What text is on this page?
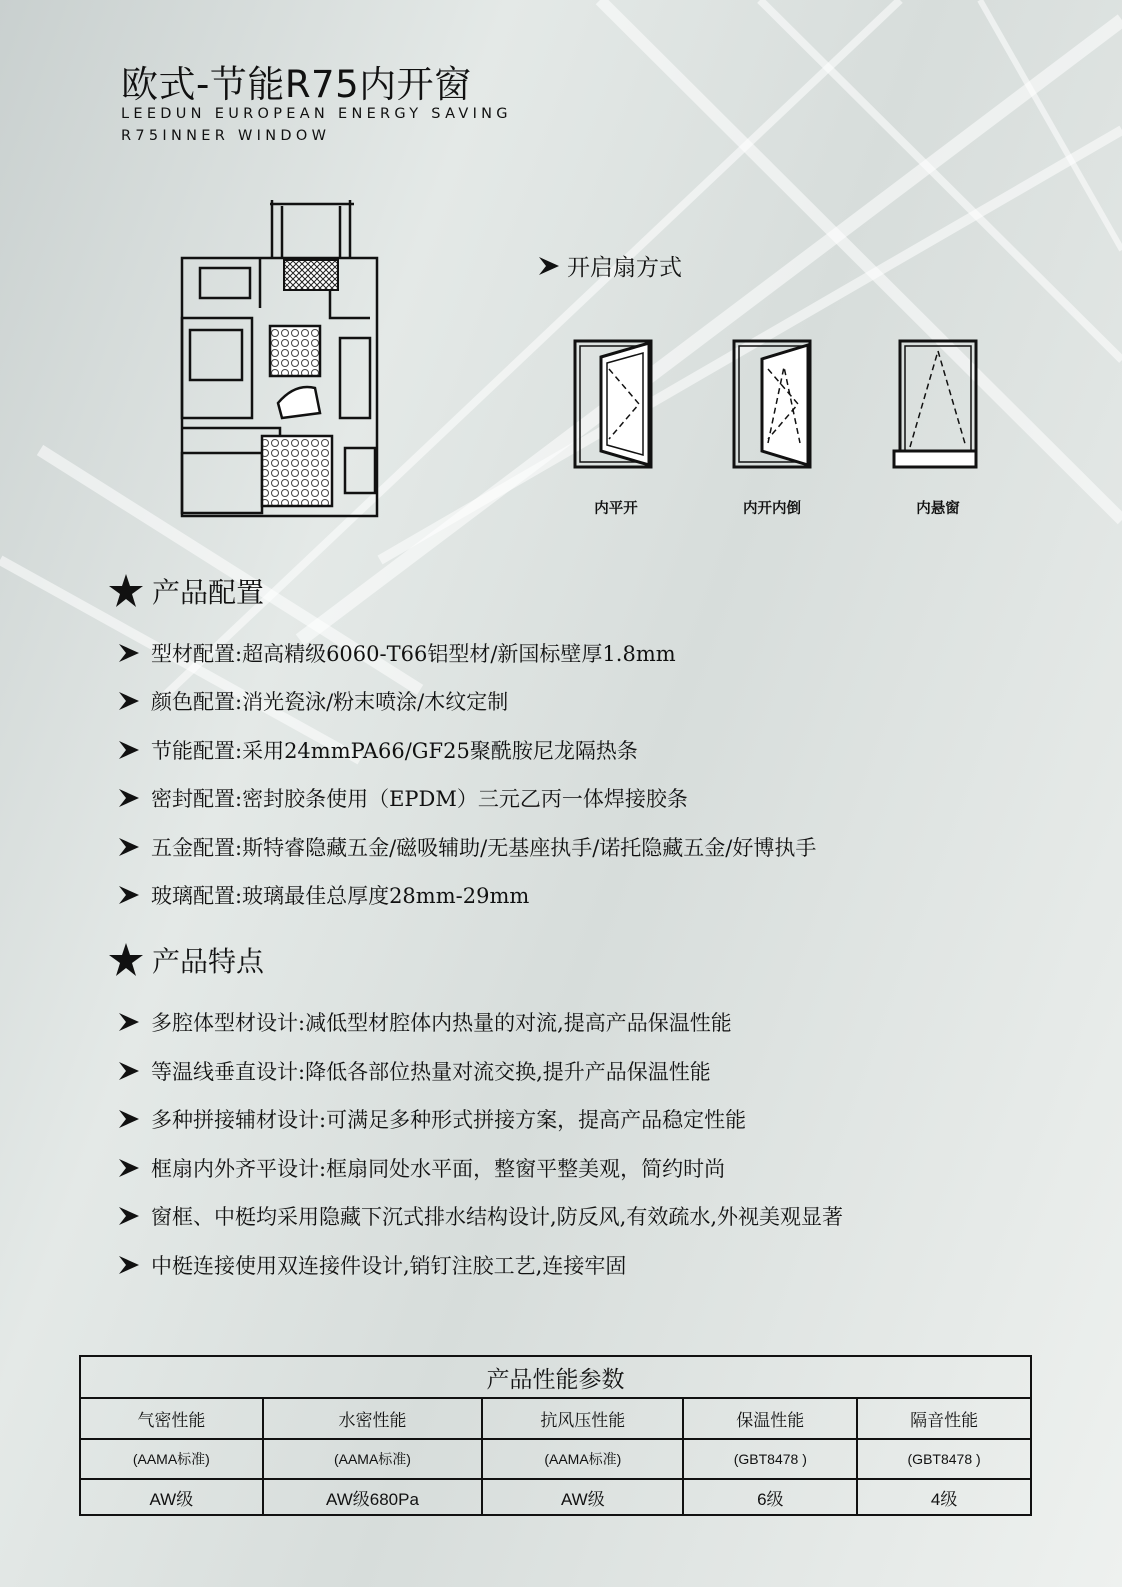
欧式-节能R75内开窗
LEEDUN EUROPEAN ENERGY SAVING
R75INNER WINDOW
开启扇方式
内平开	内开内倒	内悬窗
产品配置
型材配置:超高精级6060-T66铝型材/新国标壁厚1.8mm
颜色配置:消光瓷泳/粉末喷涂/木纹定制
节能配置:采用24mmPA66/GF25聚酰胺尼龙隔热条
密封配置:密封胶条使用（EPDM）三元乙丙一体焊接胶条
五金配置:斯特睿隐藏五金/磁吸辅助/无基座执手/诺托隐藏五金/好博执手
玻璃配置:玻璃最佳总厚度28mm-29mm
产品特点
多腔体型材设计:减低型材腔体内热量的对流,提高产品保温性能
等温线垂直设计:降低各部位热量对流交换,提升产品保温性能
多种拼接辅材设计:可满足多种形式拼接方案，提高产品稳定性能
框扇内外齐平设计:框扇同处水平面，整窗平整美观，简约时尚
窗框、中梃均采用隐藏下沉式排水结构设计,防反风,有效疏水,外视美观显著
中梃连接使用双连接件设计,销钉注胶工艺,连接牢固
产品性能参数				
气密性能	水密性能	抗风压性能	保温性能	隔音性能
(AAMA标准)	(AAMA标准)	(AAMA标准)	(GBT8478 )	(GBT8478 )
AW级	AW级680Pa	AW级	6级	4级
